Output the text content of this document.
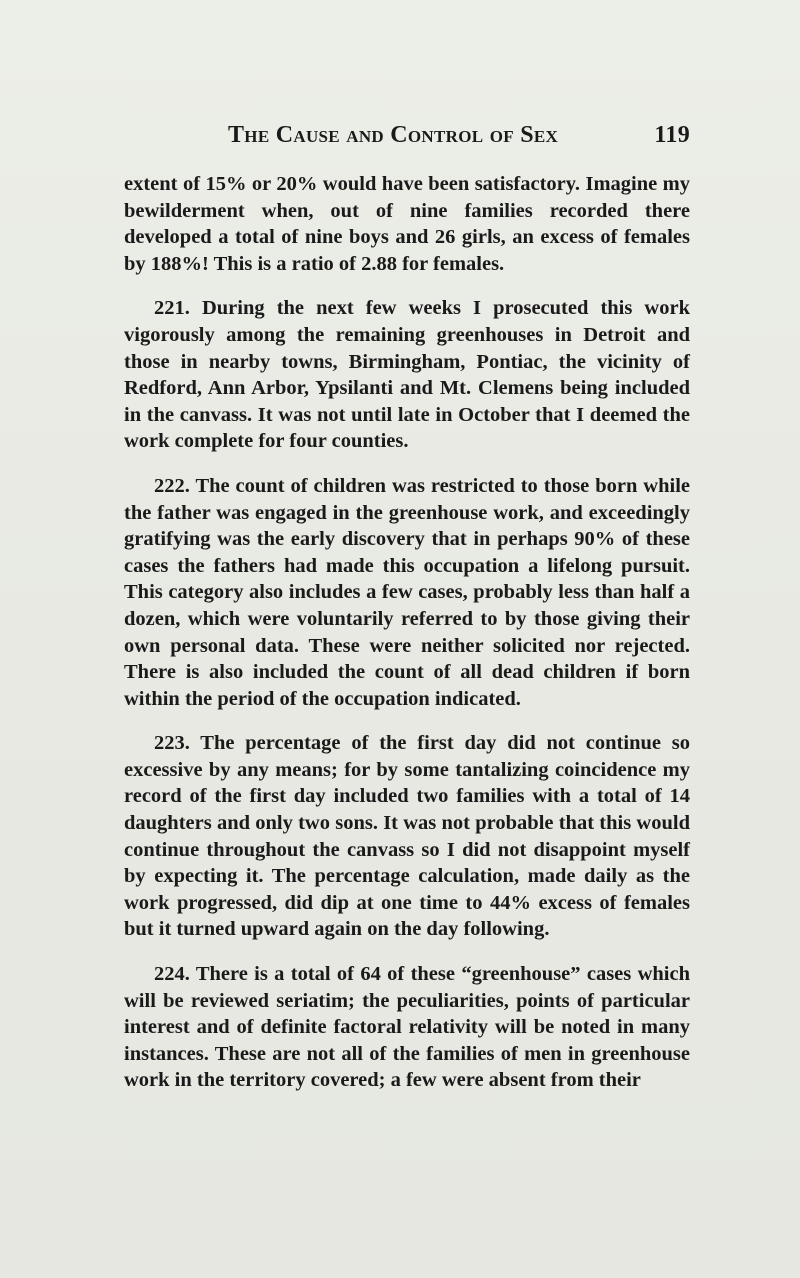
The Cause and Control of Sex	119

extent of 15% or 20% would have been satisfactory. Imagine my bewilderment when, out of nine families recorded there developed a total of nine boys and 26 girls, an excess of females by 188%! This is a ratio of 2.88 for females.

221. During the next few weeks I prosecuted this work vigorously among the remaining greenhouses in Detroit and those in nearby towns, Birmingham, Pontiac, the vicinity of Redford, Ann Arbor, Ypsilanti and Mt. Clemens being included in the canvass. It was not until late in October that I deemed the work complete for four counties.

222. The count of children was restricted to those born while the father was engaged in the greenhouse work, and exceedingly gratifying was the early discovery that in perhaps 90% of these cases the fathers had made this occupation a lifelong pursuit. This category also includes a few cases, probably less than half a dozen, which were voluntarily referred to by those giving their own personal data. These were neither solicited nor rejected. There is also included the count of all dead children if born within the period of the occupation indicated.

223. The percentage of the first day did not continue so excessive by any means; for by some tantalizing coincidence my record of the first day included two families with a total of 14 daughters and only two sons. It was not probable that this would continue throughout the canvass so I did not disappoint myself by expecting it. The percentage calculation, made daily as the work progressed, did dip at one time to 44% excess of females but it turned upward again on the day following.

224. There is a total of 64 of these “greenhouse” cases which will be reviewed seriatim; the peculiarities, points of particular interest and of definite factoral relativity will be noted in many instances. These are not all of the families of men in greenhouse work in the territory covered; a few were absent from their
